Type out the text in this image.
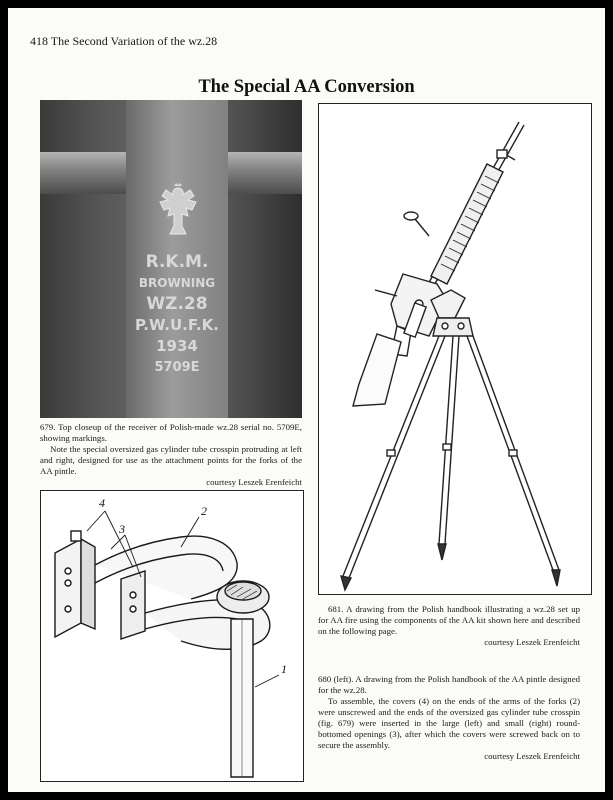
418 The Second Variation of the wz.28
The Special AA Conversion
R.K.M.
BROWNING
WZ.28
P.W.U.F.K.
1934
5709E

679. Top closeup of the receiver of Polish-made wz.28 serial no. 5709E, showing markings.

Note the special oversized gas cylinder tube crosspin protruding at left and right, designed for use as the attachment points for the forks of the AA pintle.

courtesy Leszek Erenfeicht

681. A drawing from the Polish handbook illustrating a wz.28 set up for AA fire using the components of the AA kit shown here and described on the following page.

courtesy Leszek Erenfeicht

4
3
2
1

680 (left). A drawing from the Polish handbook of the AA pintle designed for the wz.28.

To assemble, the covers (4) on the ends of the arms of the forks (2) were unscrewed and the ends of the oversized gas cylinder tube crosspin (fig. 679) were inserted in the large (left) and small (right) round-bottomed openings (3), after which the covers were screwed back on to secure the assembly.

courtesy Leszek Erenfeicht
